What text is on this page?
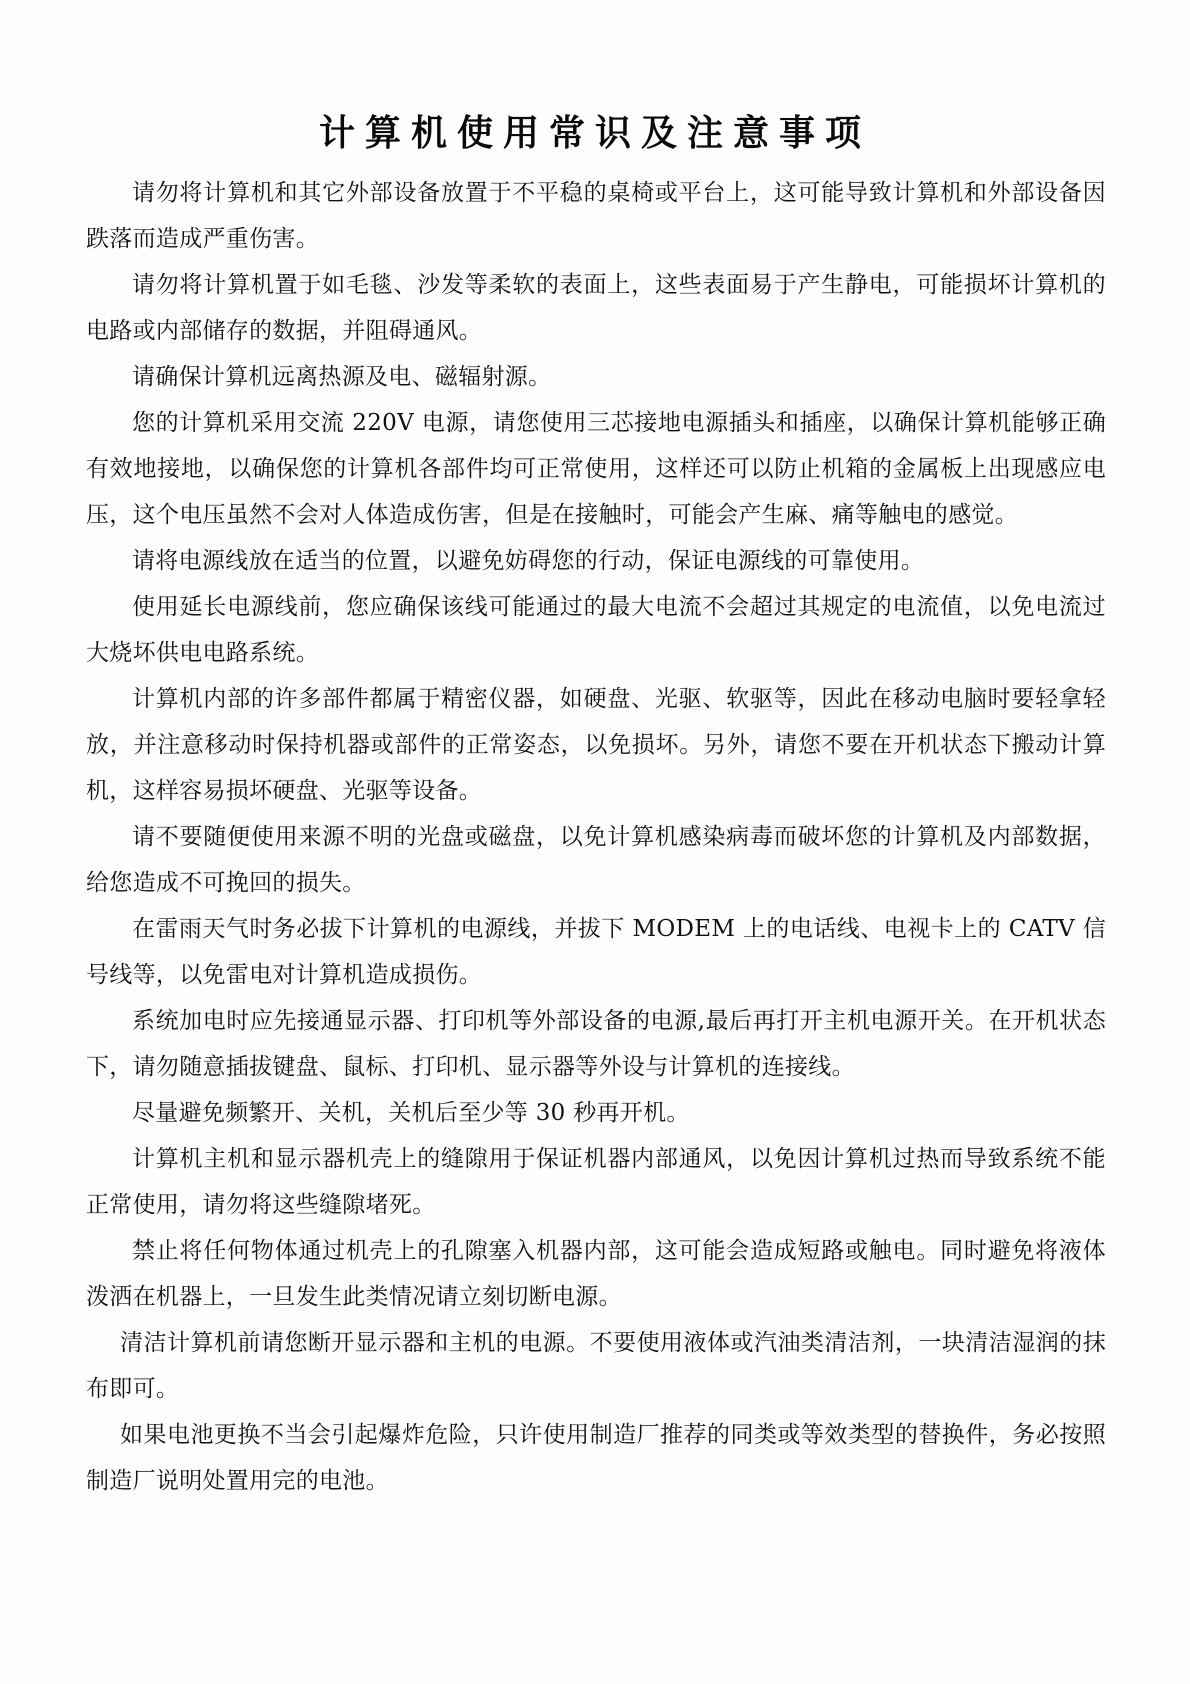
计算机使用常识及注意事项

请勿将计算机和其它外部设备放置于不平稳的桌椅或平台上，这可能导致计算机和外部设备因跌落而造成严重伤害。

请勿将计算机置于如毛毯、沙发等柔软的表面上，这些表面易于产生静电，可能损坏计算机的电路或内部储存的数据，并阻碍通风。

请确保计算机远离热源及电、磁辐射源。

您的计算机采用交流 220V 电源，请您使用三芯接地电源插头和插座，以确保计算机能够正确有效地接地，以确保您的计算机各部件均可正常使用，这样还可以防止机箱的金属板上出现感应电压，这个电压虽然不会对人体造成伤害，但是在接触时，可能会产生麻、痛等触电的感觉。

请将电源线放在适当的位置，以避免妨碍您的行动，保证电源线的可靠使用。

使用延长电源线前，您应确保该线可能通过的最大电流不会超过其规定的电流值，以免电流过大烧坏供电电路系统。

计算机内部的许多部件都属于精密仪器，如硬盘、光驱、软驱等，因此在移动电脑时要轻拿轻放，并注意移动时保持机器或部件的正常姿态，以免损坏。另外，请您不要在开机状态下搬动计算机，这样容易损坏硬盘、光驱等设备。

请不要随便使用来源不明的光盘或磁盘，以免计算机感染病毒而破坏您的计算机及内部数据，给您造成不可挽回的损失。

在雷雨天气时务必拔下计算机的电源线，并拔下 MODEM 上的电话线、电视卡上的 CATV 信号线等，以免雷电对计算机造成损伤。

系统加电时应先接通显示器、打印机等外部设备的电源,最后再打开主机电源开关。在开机状态下，请勿随意插拔键盘、鼠标、打印机、显示器等外设与计算机的连接线。

尽量避免频繁开、关机，关机后至少等 30 秒再开机。

计算机主机和显示器机壳上的缝隙用于保证机器内部通风，以免因计算机过热而导致系统不能正常使用，请勿将这些缝隙堵死。

禁止将任何物体通过机壳上的孔隙塞入机器内部，这可能会造成短路或触电。同时避免将液体泼洒在机器上，一旦发生此类情况请立刻切断电源。

清洁计算机前请您断开显示器和主机的电源。不要使用液体或汽油类清洁剂，一块清洁湿润的抹布即可。

如果电池更换不当会引起爆炸危险，只许使用制造厂推荐的同类或等效类型的替换件，务必按照制造厂说明处置用完的电池。
